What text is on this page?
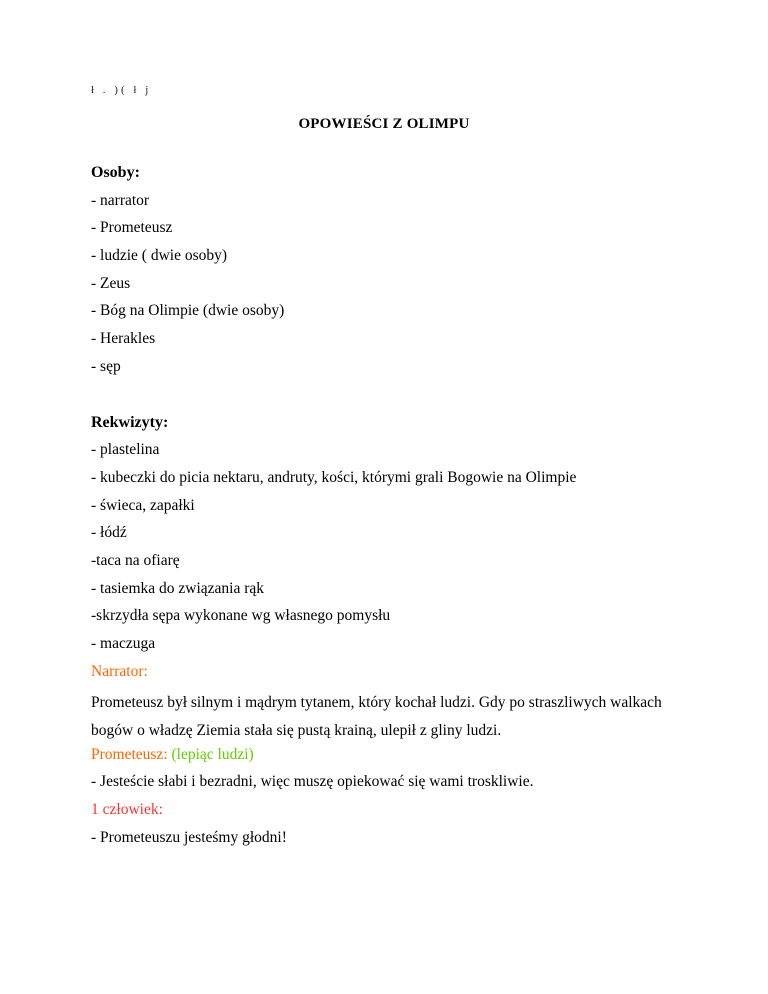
ł . )( ł j
OPOWIEŚCI Z OLIMPU
Osoby:
- narrator
- Prometeusz
- ludzie ( dwie osoby)
- Zeus
- Bóg na Olimpie (dwie osoby)
- Herakles
- sęp
Rekwizyty:
- plastelina
- kubeczki do picia nektaru, andruty, kości, którymi grali Bogowie na Olimpie
- świeca, zapałki
- łódź
-taca na ofiarę
- tasiemka do związania rąk
-skrzydła sępa wykonane wg własnego pomysłu
- maczuga
Narrator:
Prometeusz był silnym i mądrym tytanem, który kochał ludzi. Gdy po straszliwych walkach bogów o władzę Ziemia stała się pustą krainą, ulepił z gliny ludzi.
Prometeusz: (lepiąc ludzi)
- Jesteście słabi i bezradni, więc muszę opiekować się wami troskliwie.
1 człowiek:
- Prometeuszu jesteśmy głodni!
